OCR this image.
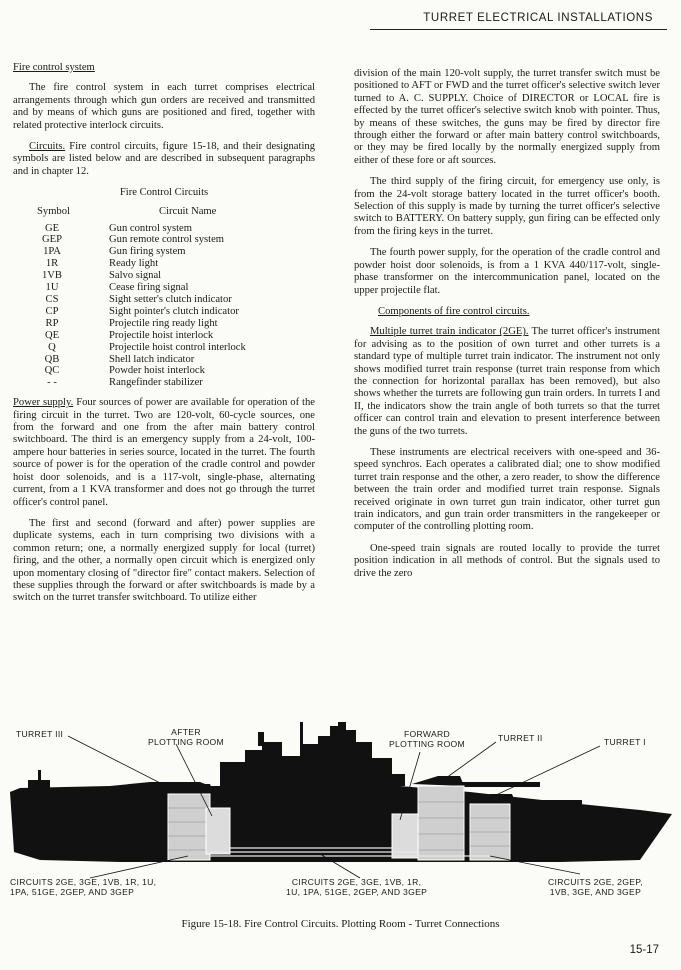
TURRET ELECTRICAL INSTALLATIONS
Fire control system

The fire control system in each turret comprises electrical arrangements through which gun orders are received and transmitted and by means of which guns are positioned and fired, together with related protective interlock circuits.

Circuits. Fire control circuits, figure 15-18, and their designating symbols are listed below and are described in subsequent paragraphs and in chapter 12.

Fire Control Circuits
Symbol	Circuit Name
GE	Gun control system
GEP	Gun remote control system
1PA	Gun firing system
1R	Ready light
1VB	Salvo signal
1U	Cease firing signal
CS	Sight setter's clutch indicator
CP	Sight pointer's clutch indicator
RP	Projectile ring ready light
QE	Projectile hoist interlock
Q	Projectile hoist control interlock
QB	Shell latch indicator
QC	Powder hoist interlock
- -	Rangefinder stabilizer

Power supply. Four sources of power are available for operation of the firing circuit in the turret. Two are 120-volt, 60-cycle sources, one from the forward and one from the after main battery control switchboard. The third is an emergency supply from a 24-volt, 100-ampere hour batteries in series source, located in the turret. The fourth source of power is for the operation of the cradle control and powder hoist door solenoids, and is a 117-volt, single-phase, alternating current, from a 1 KVA transformer and does not go through the turret officer's control panel.

The first and second (forward and after) power supplies are duplicate systems, each in turn comprising two divisions with a common return; one, a normally energized supply for local (turret) firing, and the other, a normally open circuit which is energized only upon momentary closing of "director fire" contact makers. Selection of these supplies through the forward or after switchboards is made by a switch on the turret transfer switchboard. To utilize either

division of the main 120-volt supply, the turret transfer switch must be positioned to AFT or FWD and the turret officer's selective switch lever turned to A. C. SUPPLY. Choice of DIRECTOR or LOCAL fire is effected by the turret officer's selective switch knob with pointer. Thus, by means of these switches, the guns may be fired by director fire through either the forward or after main battery control switchboards, or they may be fired locally by the normally energized supply from either of these fore or aft sources.

The third supply of the firing circuit, for emergency use only, is from the 24-volt storage battery located in the turret officer's booth. Selection of this supply is made by turning the turret officer's selective switch to BATTERY. On battery supply, gun firing can be effected only from the firing keys in the turret.

The fourth power supply, for the operation of the cradle control and powder hoist door solenoids, is from a 1 KVA 440/117-volt, single-phase transformer on the intercommunication panel, located on the upper projectile flat.

Components of fire control circuits.

Multiple turret train indicator (2GE). The turret officer's instrument for advising as to the position of own turret and other turrets is a standard type of multiple turret train indicator. The instrument not only shows modified turret train response (turret train response from which the connection for horizontal parallax has been removed), but also shows whether the turrets are following gun train orders. In turrets I and II, the indicators show the train angle of both turrets so that the turret officer can control train and elevation to present interference between the guns of the two turrets.

These instruments are electrical receivers with one-speed and 36-speed synchros. Each operates a calibrated dial; one to show modified turret train response and the other, a zero reader, to show the difference between the train order and modified turret train response. Signals received originate in own turret gun train indicator, other turret gun train indicators, and gun train order transmitters in the rangekeeper or computer of the controlling plotting room.

One-speed train signals are routed locally to provide the turret position indication in all methods of control. But the signals used to drive the zero

TURRET III	AFTER
PLOTTING ROOM
FORWARD
PLOTTING ROOM
TURRET II	TURRET I
CIRCUITS 2GE, 3GE, 1VB, 1R, 1U,
1PA, 51GE, 2GEP, AND 3GEP
CIRCUITS 2GE, 3GE, 1VB, 1R,
1U, 1PA, 51GE, 2GEP, AND 3GEP
CIRCUITS 2GE, 2GEP,
1VB, 3GE, AND 3GEP
Figure 15-18. Fire Control Circuits. Plotting Room - Turret Connections
15-17
